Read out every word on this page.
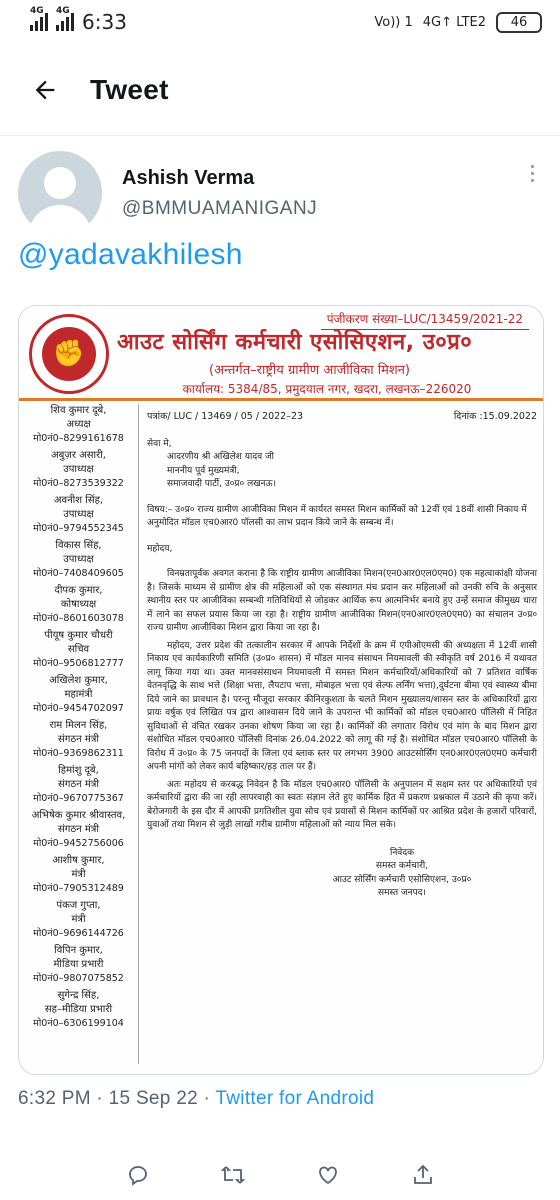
4G 4G 6:33	Vo)) 1 4G↑ LTE2	46
Tweet
Ashish Verma
@BMMUAMANIGANJ
@yadavakhilesh
पंजीकरण संख्या–LUC/13459/2021-22
✊	आउट सोर्सिंग कर्मचारी एसोसिएशन, उ०प्र०
(अन्तर्गत–राष्ट्रीय ग्रामीण आजीविका मिशन)
कार्यालय: 5384/85, प्रमुदयाल नगर, खदरा, लखनऊ–226020
शिव कुमार दूबे,
अध्यक्ष
मो0नं0–8299161678
अबुज़र असारी,
उपाध्यक्ष
मो0नं0–8273539322
अवनीश सिंह,
उपाध्यक्ष
मो0नं0–9794552345
विकास सिंह,
उपाध्यक्ष
मो0नं0–7408409605
दीपक कुमार,
कोषाध्यक्ष
मो0नं0–8601603078
पीयूष कुमार चौधरी
सचिव
मो0नं0–9506812777
अखिलेश कुमार,
महामंत्री
मो0नं0–9454702097
राम मिलन सिंह,
संगठन मंत्री
मो0नं0–9369862311
हिमांशु दूबे,
संगठन मंत्री
मो0नं0–9670775367
अभिषेक कुमार श्रीवास्तव,
संगठन मंत्री
मो0नं0–9452756006
आशीष कुमार,
मंत्री
मो0नं0–7905312489
पंकज गुप्ता,
मंत्री
मो0नं0–9696144726
विपिन कुमार,
मीडिया प्रभारी
मो0नं0–9807075852
सुगेन्द्र सिंह,
सह–मीडिया प्रभारी
मो0नं0–6306199104
पत्रांक/ LUC / 13469 / 05 / 2022–23	दिनांक :15.09.2022
सेवा मे,
आदरणीय श्री अखिलेश यादव जी
माननीय पूर्व मुख्यमंत्री,
समाजवादी पार्टी, उ०प्र० लखनऊ।
विषय:– उ०प्र० राज्य ग्रामीण आजीविका मिशन में कार्यरत समस्त मिशन कार्मिकों को 12वीं एवं 18वीं शासी निकाय में अनुमोदित मॉडल एच0आर0 पॉलसी का लाभ प्रदान किये जाने के सम्बन्ध में।
महोदय,
विनम्रतापूर्वक अवगत कराना है कि राष्ट्रीय ग्रामीण आजीविका मिशन(एन0आर0एल0एम0) एक महत्वाकांक्षी योजना है। जिसके माध्यम से ग्रामीण क्षेत्र की महिलाओं को एक संस्थागत मंच प्रदान कर महिलाओं को उनकी रुचि के अनुसार स्थानीय स्तर पर आजीविका सम्बन्धी गतिविधियों से जोड़कर आर्थिक रूप आत्मनिर्भर बनाये हुए उन्हें समाज कीमुख्य धारा में लाने का सफल प्रयास किया जा रहा है। राष्ट्रीय ग्रामीण आजीविका मिशन(एन0आर0एल0एम0) का संचालन उ०प्र० राज्य ग्रामीण आजीविका मिशन द्वारा किया जा रहा है।
महोदय, उत्तर प्रदेश की तत्कालीन सरकार में आपके निर्देशों के क्रम में एपीओएमसी की अध्यक्षता में 12वीं शासी निकाय एवं कार्यकारिणी समिति (उ०प्र० शासन) में मॉडल मानव संसाधन नियमावली की स्वीकृति वर्ष 2016 में यथावत लागू किया गया था। उक्त मानवसंसाधन नियमावली में समस्त मिशन कर्मचारियों/अधिकारियों को 7 प्रतिशत वार्षिक वेतनवृद्धि के साथ भत्ते (शिक्षा भत्ता, लैपटाप भत्ता, मोबाइल भत्ता एवं सेल्फ लर्निंग भत्ता),दुर्घटना बीमा एवं स्वास्थ्य बीमा दिये जाने का प्रावधान है। परन्तु मौजूदा सरकार कीनिरकुशता के चलते मिशन मुख्यालय/शासन स्तर के अधिकारियों द्वारा प्रायः वर्षुक एवं लिखित पत्र द्वारा आश्वासन दिये जाने के उपरान्त भी कार्मिकों को मॉडल एच0आर0 पॉलिसी में निहित सुविधाओं से वंचित रखकर उनका शोषण किया जा रहा है। कार्मिकों की लगातार विरोध एवं मांग के बाद मिशन द्वारा संशोधित मॉडल एच0आर0 पॉलिसी दिनांक 26.04.2022 को लागू की गई है। संशोधित मॉडल एच0आर0 पॉलिसी के विरोध में उ०प्र० के 75 जनपदों के जिला एवं ब्लाक स्तर पर लगभग 3900 आउटसोर्सिंग एन0आर0एल0एम0 कर्मचारी अपनी मांगों को लेकर कार्य बहिष्कार/हड़ ताल पर हैं।
अतः महोदय से करबद्ध निवेदन है कि मॉडल एच0आर0 पॉलिसी के अनुपालन में सक्षम स्तर पर अधिकारियों एवं कर्मचारियों द्वारा की जा रही लापरवाही का स्वतः संज्ञान लेते हुए कार्मिक हित में प्रकरण प्रश्नकाल में उठाने की कृपा करें। बेरोजगारी के इस दौर में आपकी प्रगतिशील युवा सोच एवं प्रयासों से मिशन कार्मिकों पर आश्रित प्रदेश के हजारों परिवारों, युवाओं तथा मिशन से जुड़ी लाखों गरीब ग्रामीण महिलाओं को न्याय मिल सके।
निवेदक
समस्त कर्मचारी,
आउट सोर्सिंग कर्मचारी एसोसिएशन, उ०प्र०
समस्त जनपद।
6:32 PM · 15 Sep 22 · Twitter for Android
